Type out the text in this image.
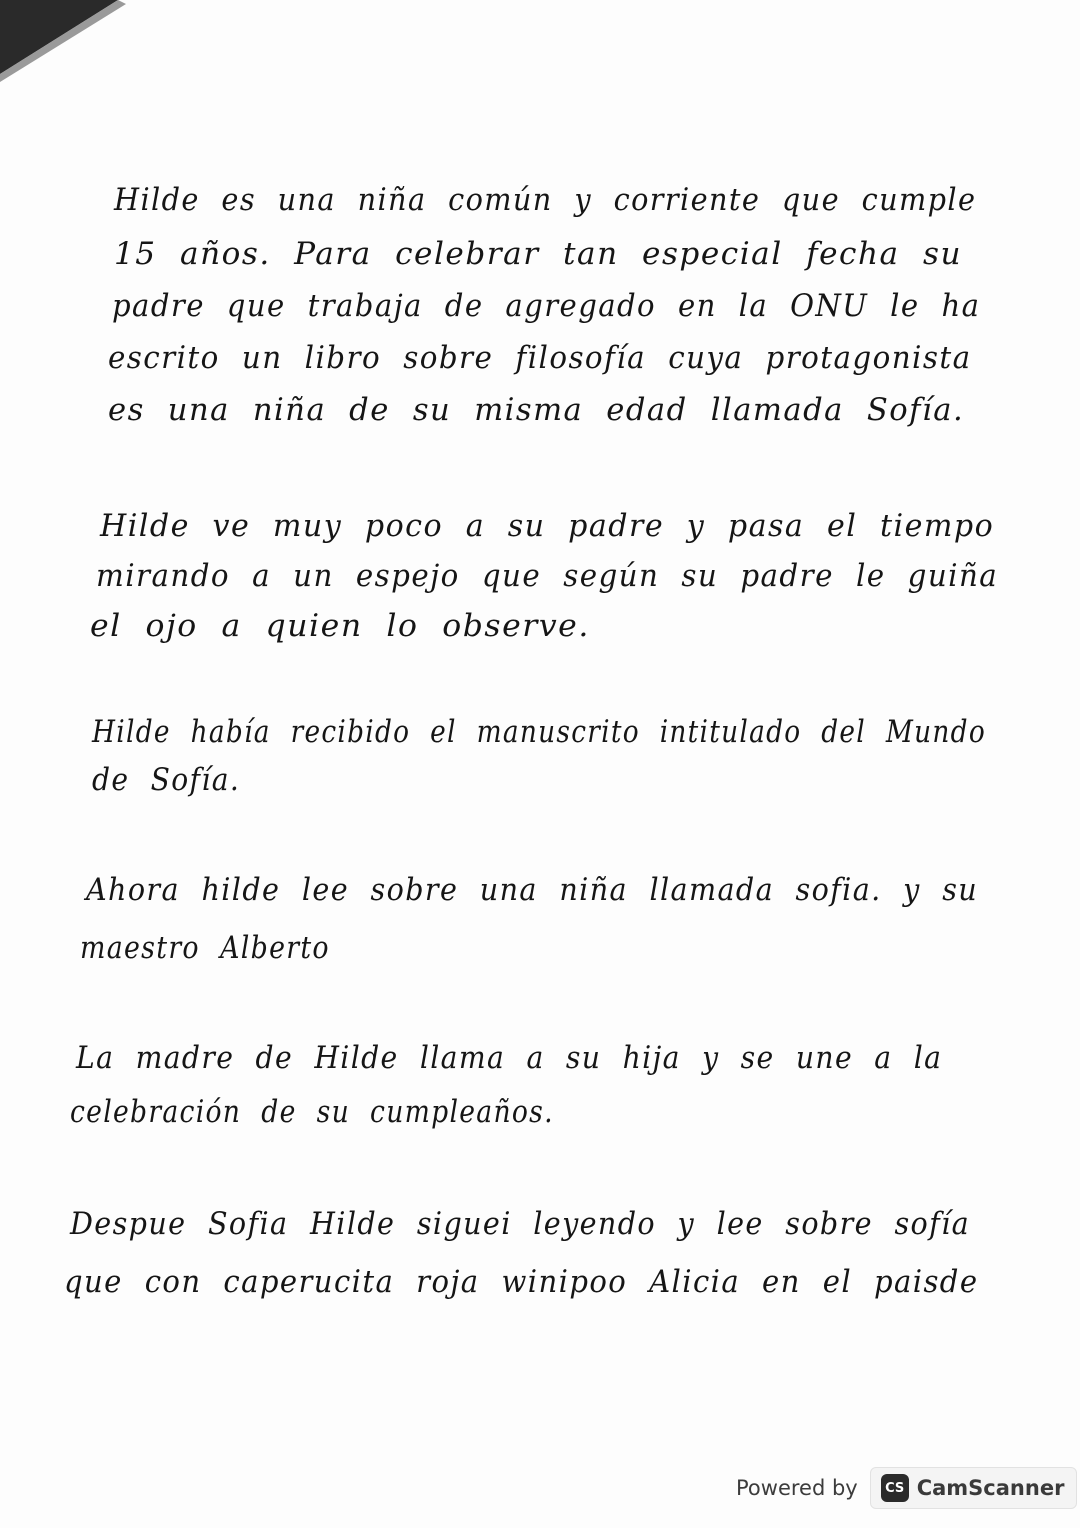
Hilde es una niña común y corriente que cumple
15 años. Para celebrar tan especial fecha su
padre que trabaja de agregado en la ONU le ha
escrito un libro sobre filosofía cuya protagonista
es una niña de su misma edad llamada Sofía.
Hilde ve muy poco a su padre y pasa el tiempo
mirando a un espejo que según su padre le guiña
el ojo a quien lo observe.
Hilde había recibido el manuscrito intitulado del Mundo
de Sofía.
Ahora hilde lee sobre una niña llamada sofia. y su
maestro Alberto
La madre de Hilde llama a su hija y se une a la
celebración de su cumpleaños.
Despue Sofia Hilde siguei leyendo y lee sobre sofía
que con caperucita roja winipoo Alicia en el paisde
Powered by	CS CamScanner
